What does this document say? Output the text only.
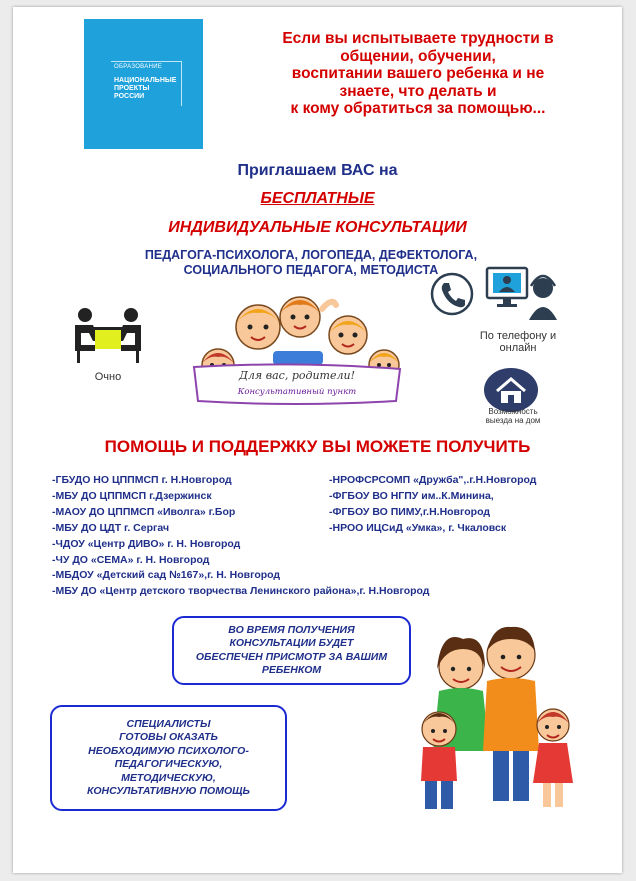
ОБРАЗОВАНИЕ
НАЦИОНАЛЬНЫЕ
ПРОЕКТЫ
РОССИИ
Если вы испытываете трудности в
общении, обучении,
воспитании вашего ребенка и не
знаете, что делать и
к кому обратиться за помощью...
Приглашаем ВАС на
БЕСПЛАТНЫЕ
ИНДИВИДУАЛЬНЫЕ КОНСУЛЬТАЦИИ
ПЕДАГОГА-ПСИХОЛОГА, ЛОГОПЕДА, ДЕФЕКТОЛОГА,
СОЦИАЛЬНОГО ПЕДАГОГА, МЕТОДИСТА
Очно	Для вас, родители!
Консультативный пункт
По телефону и
онлайн
Возможность
выезда на дом
ПОМОЩЬ И ПОДДЕРЖКУ ВЫ МОЖЕТЕ ПОЛУЧИТЬ
-ГБУДО НО ЦППМСП г. Н.Новгород
-МБУ ДО ЦППМСП г.Дзержинск
-МАОУ ДО ЦППМСП «Иволга» г.Бор
-МБУ ДО ЦДТ г. Сергач
-ЧДОУ «Центр ДИВО» г. Н. Новгород
-ЧУ ДО «СЕМА» г. Н. Новгород
-МБДОУ «Детский сад №167»,г. Н. Новгород
-МБУ ДО «Центр детского творчества Ленинского района»,г. Н.Новгород
-НРОФСРСОМП «Дружба",.г.Н.Новгород
-ФГБОУ ВО НГПУ им..К.Минина,
-ФГБОУ ВО ПИМУ,г.Н.Новгород
-НРОО ИЦСиД «Умка», г. Чкаловск
ВО ВРЕМЯ ПОЛУЧЕНИЯ
КОНСУЛЬТАЦИИ БУДЕТ
ОБЕСПЕЧЕН ПРИСМОТР ЗА ВАШИМ
РЕБЕНКОМ
СПЕЦИАЛИСТЫ
ГОТОВЫ ОКАЗАТЬ
НЕОБХОДИМУЮ ПСИХОЛОГО-
ПЕДАГОГИЧЕСКУЮ,
МЕТОДИЧЕСКУЮ,
КОНСУЛЬТАТИВНУЮ ПОМОЩЬ
